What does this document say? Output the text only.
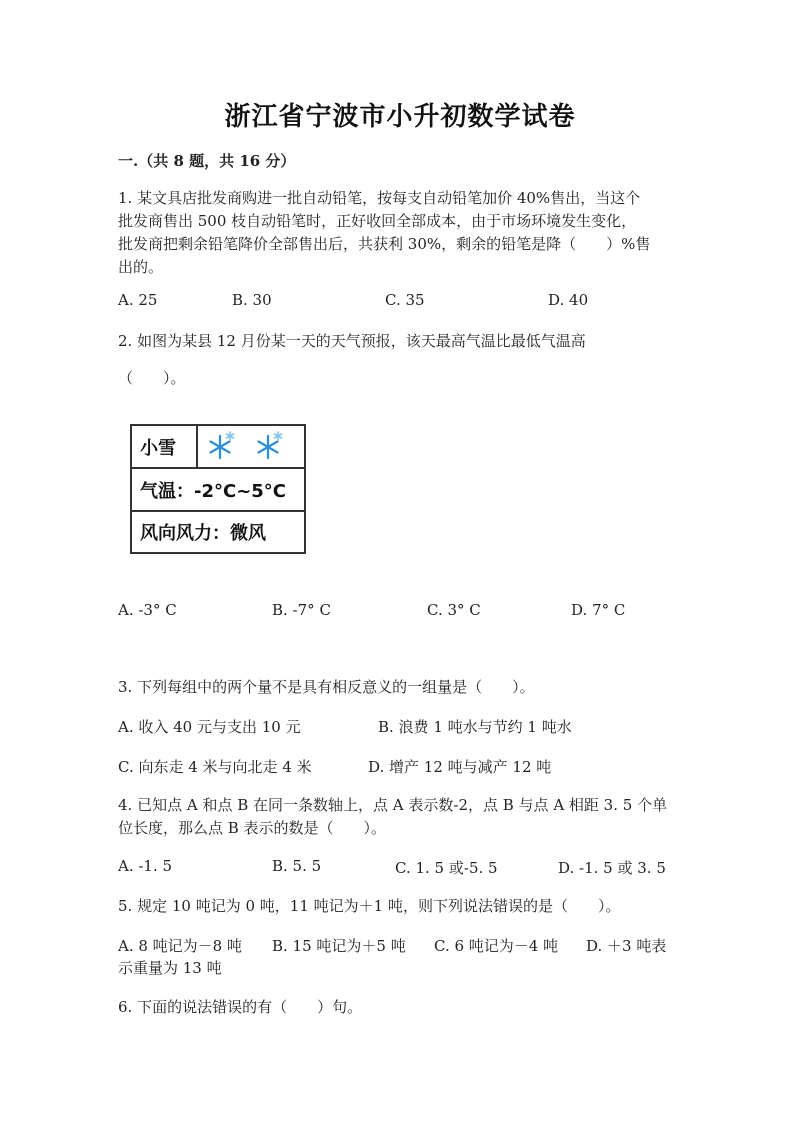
浙江省宁波市小升初数学试卷
一.（共 8 题，共 16 分）
1. 某文具店批发商购进一批自动铅笔，按每支自动铅笔加价 40%售出，当这个
批发商售出 500 枝自动铅笔时，正好收回全部成本，由于市场环境发生变化，
批发商把剩余铅笔降价全部售出后，共获利 30%，剩余的铅笔是降（　　）%售
出的。
A. 25	B. 30	C. 35	D. 40
2. 如图为某县 12 月份某一天的天气预报，该天最高气温比最低气温高
（　　）。
小雪
气温：-2°C~5°C
风向风力：微风
A. -3° C	B. -7° C	C. 3° C	D. 7° C
3. 下列每组中的两个量不是具有相反意义的一组量是（　　）。
A. 收入 40 元与支出 10 元	B. 浪费 1 吨水与节约 1 吨水
C. 向东走 4 米与向北走 4 米	D. 增产 12 吨与减产 12 吨
4. 已知点 A 和点 B 在同一条数轴上，点 A 表示数-2，点 B 与点 A 相距 3. 5 个单
位长度，那么点 B 表示的数是（　　）。
A. -1. 5	B. 5. 5	C. 1. 5 或-5. 5	D. -1. 5 或 3. 5
5. 规定 10 吨记为 0 吨，11 吨记为＋1 吨，则下列说法错误的是（　　）。
A. 8 吨记为－8 吨 B. 15 吨记为＋5 吨 C. 6 吨记为－4 吨 D. ＋3 吨表
示重量为 13 吨
6. 下面的说法错误的有（　　）句。
